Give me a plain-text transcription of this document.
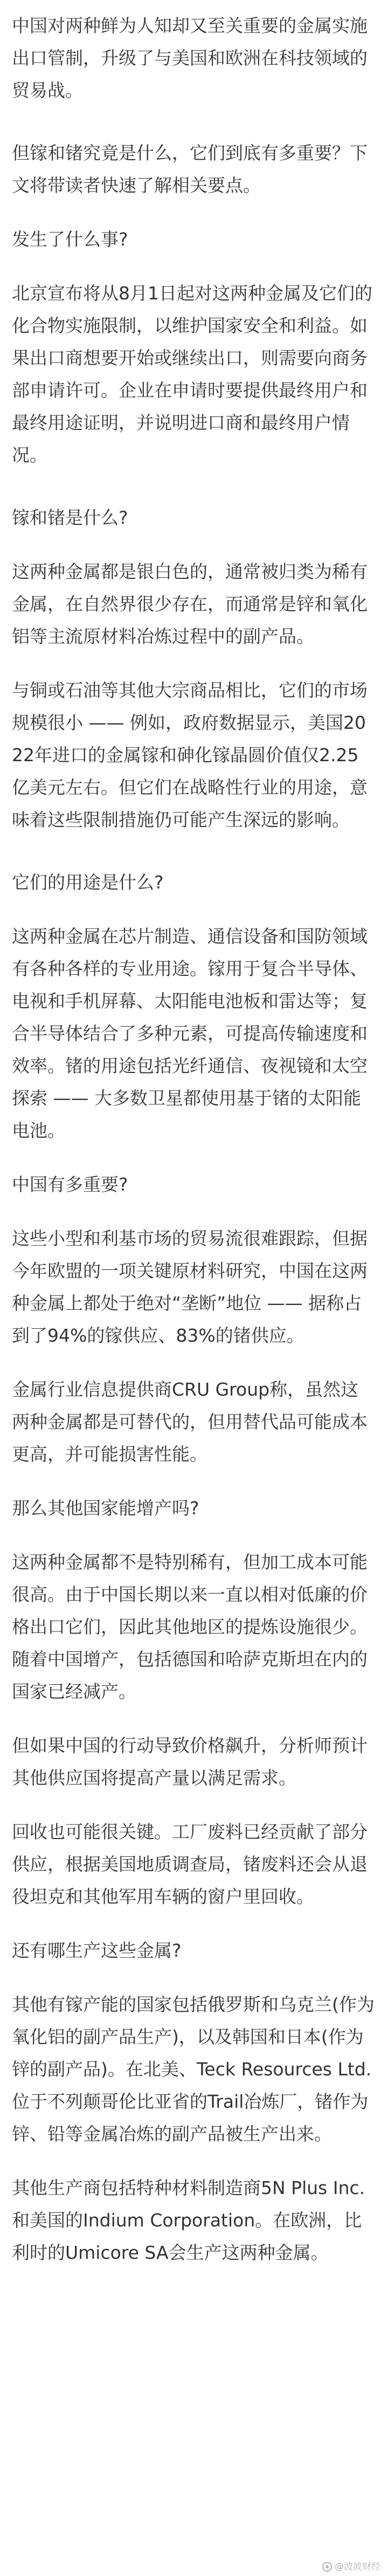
中国对两种鲜为人知却又至关重要的金属实施出口管制，升级了与美国和欧洲在科技领域的贸易战。

但镓和锗究竟是什么，它们到底有多重要？下文将带读者快速了解相关要点。

发生了什么事?

北京宣布将从8月1日起对这两种金属及它们的化合物实施限制，以维护国家安全和利益。如果出口商想要开始或继续出口，则需要向商务部申请许可。企业在申请时要提供最终用户和最终用途证明，并说明进口商和最终用户情况。

镓和锗是什么?

这两种金属都是银白色的，通常被归类为稀有金属，在自然界很少存在，而通常是锌和氧化铝等主流原材料冶炼过程中的副产品。

与铜或石油等其他大宗商品相比，它们的市场规模很小 —— 例如，政府数据显示，美国2022年进口的金属镓和砷化镓晶圆价值仅2.25亿美元左右。但它们在战略性行业的用途，意味着这些限制措施仍可能产生深远的影响。

它们的用途是什么?

这两种金属在芯片制造、通信设备和国防领域有各种各样的专业用途。镓用于复合半导体、电视和手机屏幕、太阳能电池板和雷达等；复合半导体结合了多种元素，可提高传输速度和效率。锗的用途包括光纤通信、夜视镜和太空探索 —— 大多数卫星都使用基于锗的太阳能电池。

中国有多重要?

这些小型和利基市场的贸易流很难跟踪，但据今年欧盟的一项关键原材料研究，中国在这两种金属上都处于绝对“垄断”地位 —— 据称占到了94%的镓供应、83%的锗供应。

金属行业信息提供商CRU Group称，虽然这两种金属都是可替代的，但用替代品可能成本更高，并可能损害性能。

那么其他国家能增产吗?

这两种金属都不是特别稀有，但加工成本可能很高。由于中国长期以来一直以相对低廉的价格出口它们，因此其他地区的提炼设施很少。随着中国增产，包括德国和哈萨克斯坦在内的国家已经减产。

但如果中国的行动导致价格飙升，分析师预计其他供应国将提高产量以满足需求。

回收也可能很关键。工厂废料已经贡献了部分供应，根据美国地质调查局，锗废料还会从退役坦克和其他军用车辆的窗户里回收。

还有哪生产这些金属?

其他有镓产能的国家包括俄罗斯和乌克兰(作为氧化铝的副产品生产)，以及韩国和日本(作为锌的副产品)。在北美、Teck Resources Ltd.位于不列颠哥伦比亚省的Trail冶炼厂，锗作为锌、铅等金属冶炼的副产品被生产出来。

其他生产商包括特种材料制造商5N Plus Inc.和美国的Indium Corporation。在欧洲，比利时的Umicore SA会生产这两种金属。

@波波财经
